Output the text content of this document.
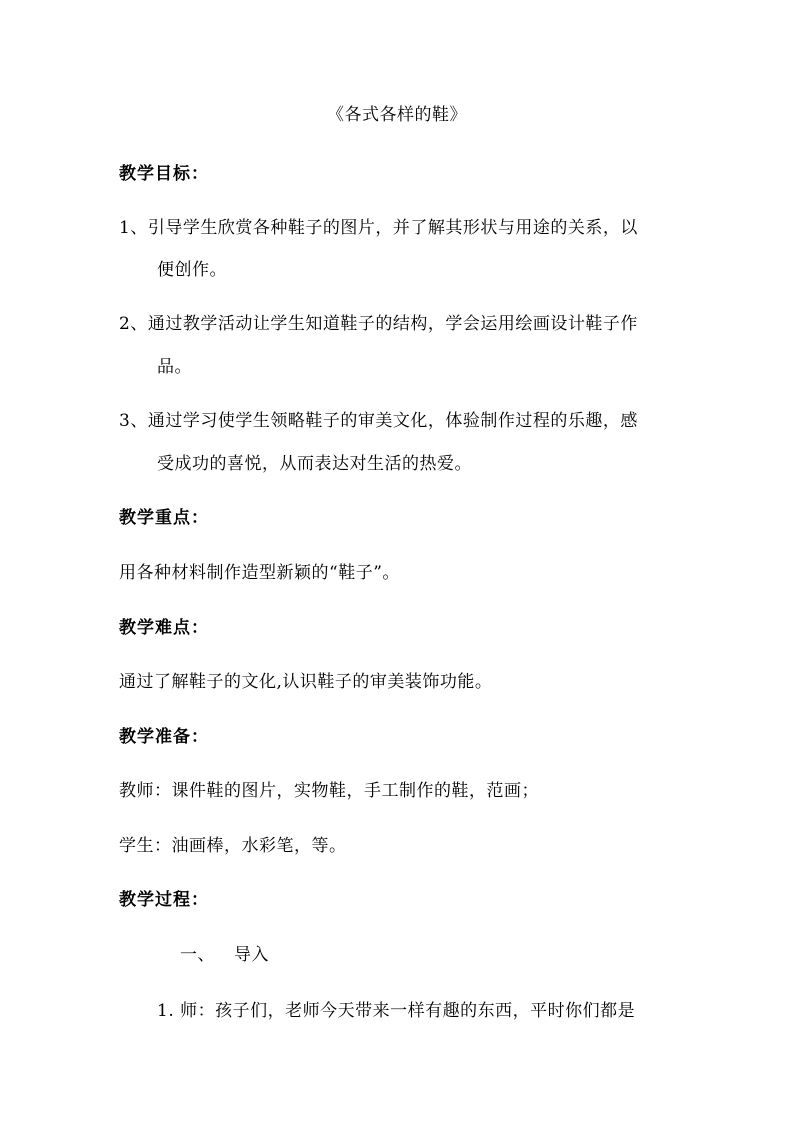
《各式各样的鞋》
教学目标：
1、引导学生欣赏各种鞋子的图片，并了解其形状与用途的关系，以
便创作。
2、通过教学活动让学生知道鞋子的结构，学会运用绘画设计鞋子作
品。
3、通过学习使学生领略鞋子的审美文化，体验制作过程的乐趣，感
受成功的喜悦，从而表达对生活的热爱。
教学重点：
用各种材料制作造型新颖的“鞋子”。
教学难点：
通过了解鞋子的文化,认识鞋子的审美装饰功能。
教学准备：
教师：课件鞋的图片，实物鞋，手工制作的鞋，范画；
学生：油画棒，水彩笔，等。
教学过程：
一、 导入
1. 师：孩子们，老师今天带来一样有趣的东西，平时你们都是
